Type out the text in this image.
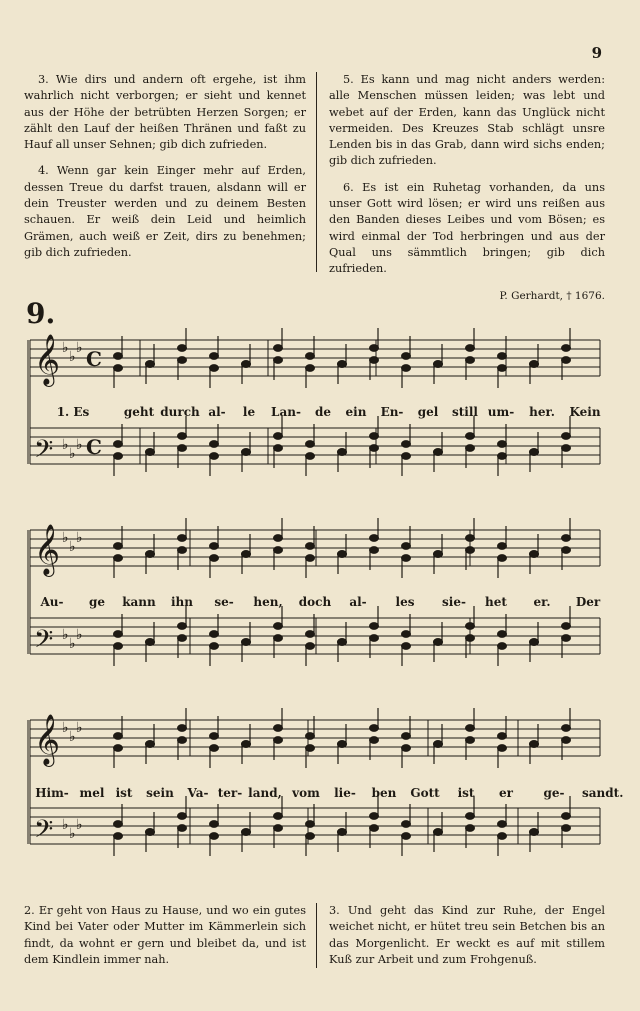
9

3. Wie dirs und andern oft ergehe, ist ihm wahrlich nicht verborgen; er sieht und kennet aus der Höhe der betrübten Herzen Sorgen; er zählt den Lauf der heißen Thränen und faßt zu Hauf all unser Sehnen; gib dich zufrieden.

4. Wenn gar kein Einger mehr auf Erden, dessen Treue du darfst trauen, alsdann will er dein Treuster werden und zu deinem Besten schauen. Er weiß dein Leid und heimlich Grämen, auch weiß er Zeit, dirs zu benehmen; gib dich zufrieden.

5. Es kann und mag nicht anders werden: alle Menschen müssen leiden; was lebt und webet auf der Erden, kann das Unglück nicht vermeiden. Des Kreuzes Stab schlägt unsre Lenden bis in das Grab, dann wird sichs enden; gib dich zufrieden.

6. Es ist ein Ruhetag vorhanden, da uns unser Gott wird lösen; er wird uns reißen aus den Banden dieses Leibes und vom Bösen; es wird einmal der Tod herbringen und aus der Qual uns sämmtlich bringen; gib dich zufrieden.

P. Gerhardt, † 1676.
9.
𝄞 ♭
♭
♭
𝄢 ♭
♭
♭
𝄞 ♭
♭
♭
𝄢 ♭
♭
♭
𝄞 ♭
♭
♭
𝄢 ♭
♭
♭
C
C
1. Es	geht durch al-	le	Lan-	de	ein	En-	gel	still um-	her.	Kein
Au-	ge	kann	ihn	se-	hen,	doch	al-	les	sie-	het	er.	Der
Him- mel ist	sein	Va- ter- land, vom	lie-	ben	Gott	ist	er	ge-	sandt.
2. Er geht von Haus zu Hause, und wo ein gutes Kind bei Vater oder Mutter im Kämmerlein sich findt, da wohnt er gern und bleibet da, und ist dem Kindlein immer nah.
3. Und geht das Kind zur Ruhe, der Engel weichet nicht, er hütet treu sein Betchen bis an das Morgenlicht. Er weckt es auf mit stillem Kuß zur Arbeit und zum Frohgenuß.
